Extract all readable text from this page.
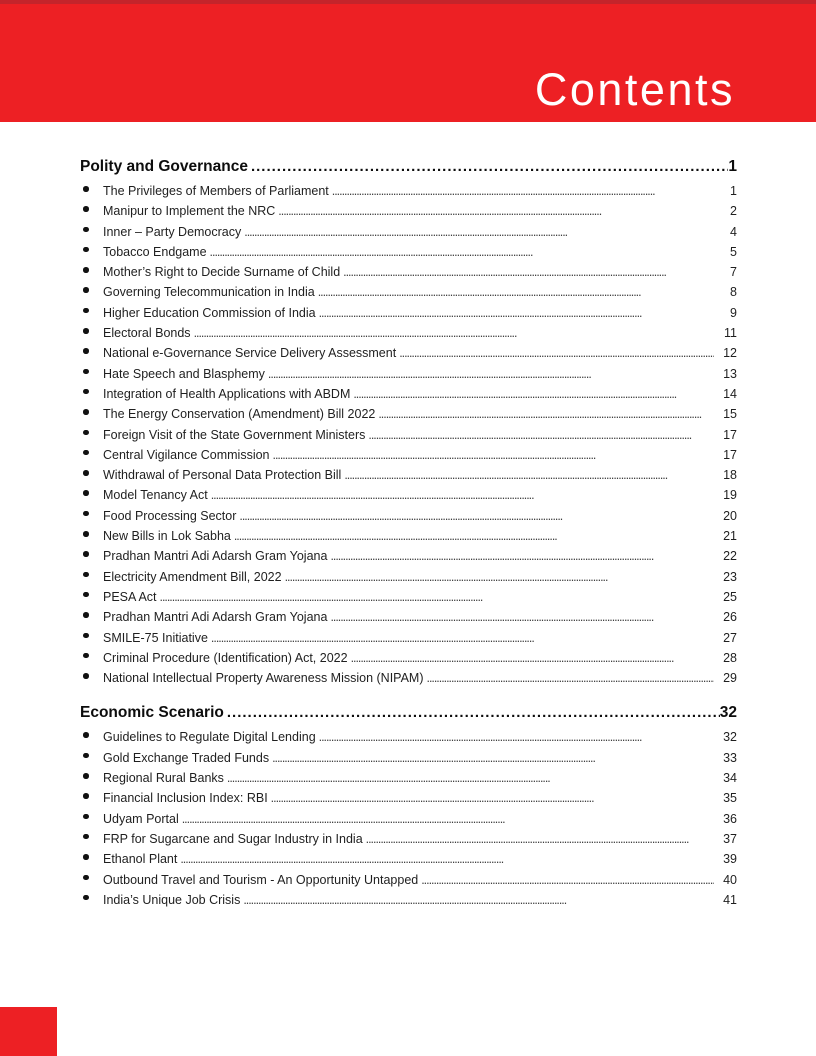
Contents
Polity and Governance .....	1
The Privileges of Members of Parliament . . .	1
Manipur to Implement the NRC . . .	2
Inner – Party Democracy . . .	4
Tobacco Endgame . . .	5
Mother’s Right to Decide Surname of Child . . .	7
Governing Telecommunication in India . . .	8
Higher Education Commission of India . . .	9
Electoral Bonds . . .	11
National e-Governance Service Delivery Assessment . . .	12
Hate Speech and Blasphemy . . .	13
Integration of Health Applications with ABDM . . .	14
The Energy Conservation (Amendment) Bill 2022 . . .	15
Foreign Visit of the State Government Ministers . . .	17
Central Vigilance Commission . . .	17
Withdrawal of Personal Data Protection Bill . . .	18
Model Tenancy Act . . .	19
Food Processing Sector . . .	20
New Bills in Lok Sabha . . .	21
Pradhan Mantri Adi Adarsh Gram Yojana . . .	22
Electricity Amendment Bill, 2022 . . .	23
PESA Act . . .	25
Pradhan Mantri Adi Adarsh Gram Yojana . . .	26
SMILE-75 Initiative . . .	27
Criminal Procedure (Identification) Act, 2022 . . .	28
National Intellectual Property Awareness Mission (NIPAM) . . .	29
Economic Scenario .....	32
Guidelines to Regulate Digital Lending . . .	32
Gold Exchange Traded Funds . . .	33
Regional Rural Banks . . .	34
Financial Inclusion Index: RBI . . .	35
Udyam Portal . . .	36
FRP for Sugarcane and Sugar Industry in India . . .	37
Ethanol Plant . . .	39
Outbound Travel and Tourism - An Opportunity Untapped . . .	40
India’s Unique Job Crisis . . .	41
